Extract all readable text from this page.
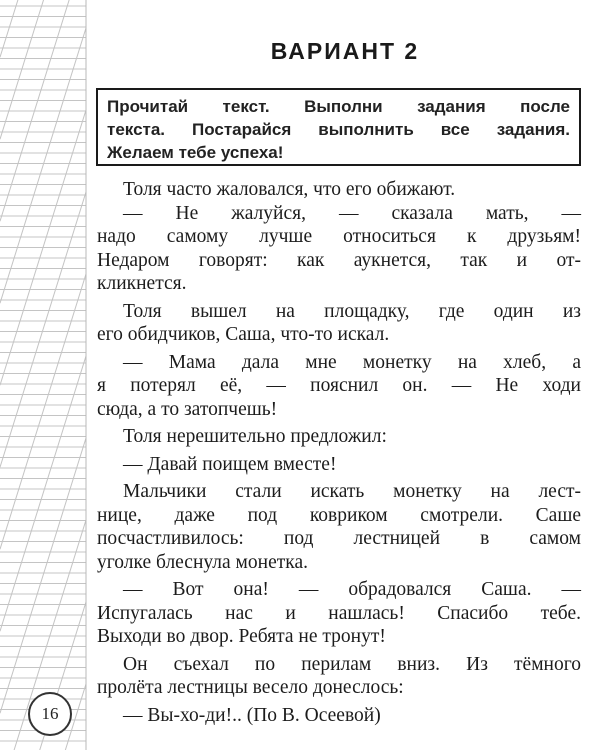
16
ВАРИАНТ 2
Прочитай текст. Выполни задания после
текста. Постарайся выполнить все задания.
Желаем тебе успеха!
Толя часто жаловался, что его обижают.
— Не жалуйся, — сказала мать, —
надо самому лучше относиться к друзьям!
Недаром говорят: как аукнется, так и от-
кликнется.
Толя вышел на площадку, где один из
его обидчиков, Саша, что-то искал.
— Мама дала мне монетку на хлеб, а
я потерял её, — пояснил он. — Не ходи
сюда, а то затопчешь!
Толя нерешительно предложил:
— Давай поищем вместе!
Мальчики стали искать монетку на лест-
нице, даже под ковриком смотрели. Саше
посчастливилось: под лестницей в самом
уголке блеснула монетка.
— Вот она! — обрадовался Саша. —
Испугалась нас и нашлась! Спасибо тебе.
Выходи во двор. Ребята не тронут!
Он съехал по перилам вниз. Из тёмного
пролёта лестницы весело донеслось:
— Вы-хо-ди!.. (По В. Осеевой)
